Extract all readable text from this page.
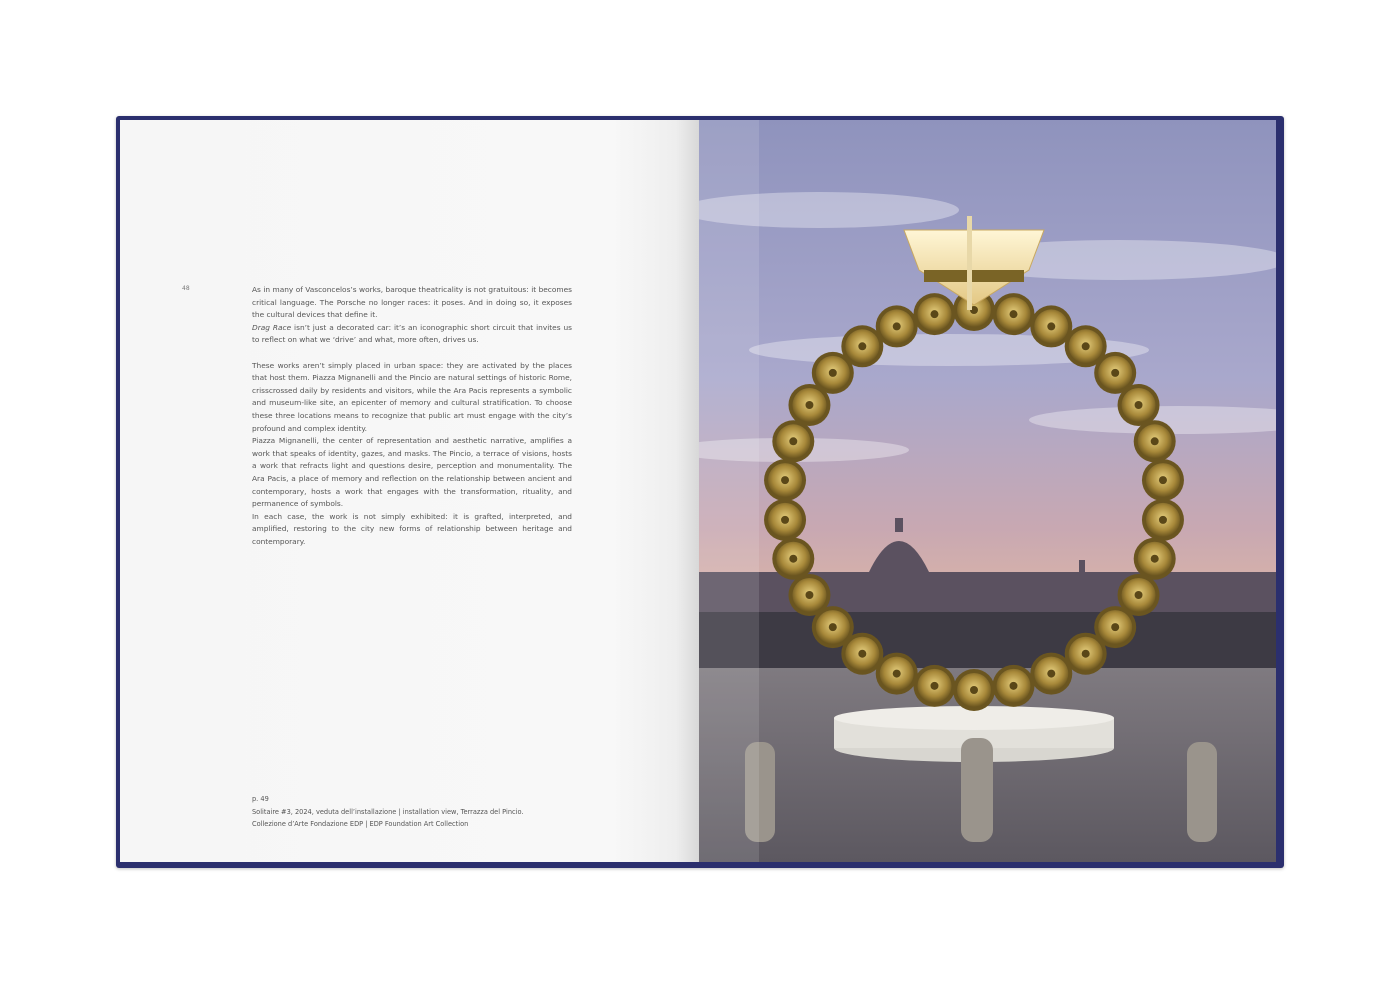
48	As in many of Vasconcelos’s works, baroque theatricality is not gratuitous: it becomes critical language. The Porsche no longer races: it poses. And in doing so, it exposes the cultural devices that define it.

Drag Race isn’t just a decorated car: it’s an iconographic short circuit that invites us to reflect on what we ‘drive’ and what, more often, drives us.

These works aren’t simply placed in urban space: they are activated by the places that host them. Piazza Mignanelli and the Pincio are natural settings of historic Rome, crisscrossed daily by residents and visitors, while the Ara Pacis represents a symbolic and museum-like site, an epicenter of memory and cultural stratification. To choose these three locations means to recognize that public art must engage with the city’s profound and complex identity.

Piazza Mignanelli, the center of representation and aesthetic narrative, amplifies a work that speaks of identity, gazes, and masks. The Pincio, a terrace of visions, hosts a work that refracts light and questions desire, perception and monumentality. The Ara Pacis, a place of memory and reflection on the relationship between ancient and contemporary, hosts a work that engages with the transformation, rituality, and permanence of symbols.

In each case, the work is not simply exhibited: it is grafted, interpreted, and amplified, restoring to the city new forms of relationship between heritage and contemporary.

p. 49
Solitaire #3, 2024, veduta dell’installazione | installation view, Terrazza del Pincio.
Collezione d’Arte Fondazione EDP | EDP Foundation Art Collection
